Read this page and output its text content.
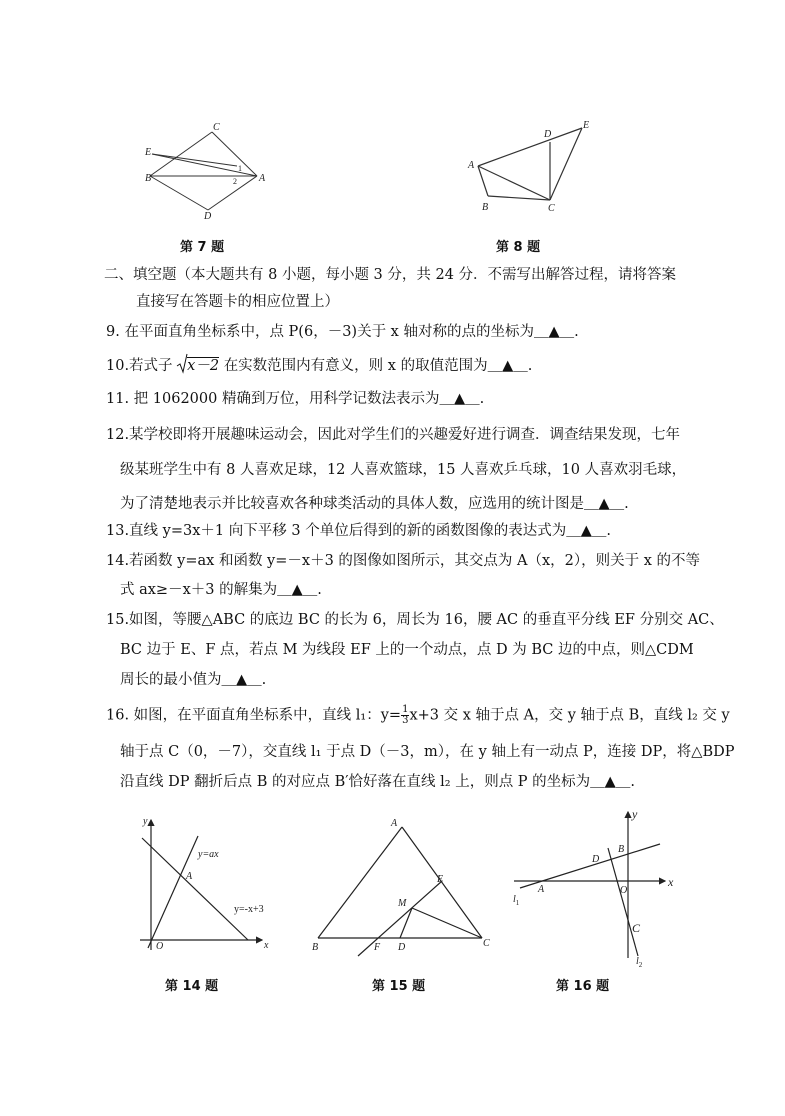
C
E
B	A
D
1
2
D
E
A
B	C
第 7 题	第 8 题
二、填空题（本大题共有 8 小题，每小题 3 分，共 24 分．不需写出解答过程，请将答案
直接写在答题卡的相应位置上）
9. 在平面直角坐标系中，点 P(6，－3)关于 x 轴对称的点的坐标为＿▲＿.
10.若式子 x－2 在实数范围内有意义，则 x 的取值范围为＿▲＿.
11. 把 1062000 精确到万位，用科学记数法表示为＿▲＿.
12.某学校即将开展趣味运动会，因此对学生们的兴趣爱好进行调查．调查结果发现，七年
级某班学生中有 8 人喜欢足球，12 人喜欢篮球，15 人喜欢乒乓球，10 人喜欢羽毛球，
为了清楚地表示并比较喜欢各种球类活动的具体人数，应选用的统计图是＿▲＿.
13.直线 y=3x＋1 向下平移 3 个单位后得到的新的函数图像的表达式为＿▲＿.
14.若函数 y=ax 和函数 y=－x＋3 的图像如图所示，其交点为 A（x，2），则关于 x 的不等
式 ax≥－x＋3 的解集为＿▲＿.
15.如图，等腰△ABC 的底边 BC 的长为 6，周长为 16，腰 AC 的垂直平分线 EF 分别交 AC、
BC 边于 E、F 点，若点 M 为线段 EF 上的一个动点，点 D 为 BC 边的中点，则△CDM
周长的最小值为＿▲＿.
16. 如图，在平面直角坐标系中，直线 l₁：$y= \frac{1}{3} x+3$ 交 x 轴于点 A，交 y 轴于点 B，直线 l₂ 交 y
轴于点 C（0，－7），交直线 l₁ 于点 D（－3，m），在 y 轴上有一动点 P，连接 DP，将△BDP
沿直线 DP 翻折后点 B 的对应点 B′恰好落在直线 l₂ 上，则点 P 的坐标为＿▲＿.
y
y=ax
A
y=-x+3
O	x
A
E
M
B	F D	C
y
x
D
B
A	O
C
$l_1$
$l_2$
第 14 题	第 15 题	第 16 题
